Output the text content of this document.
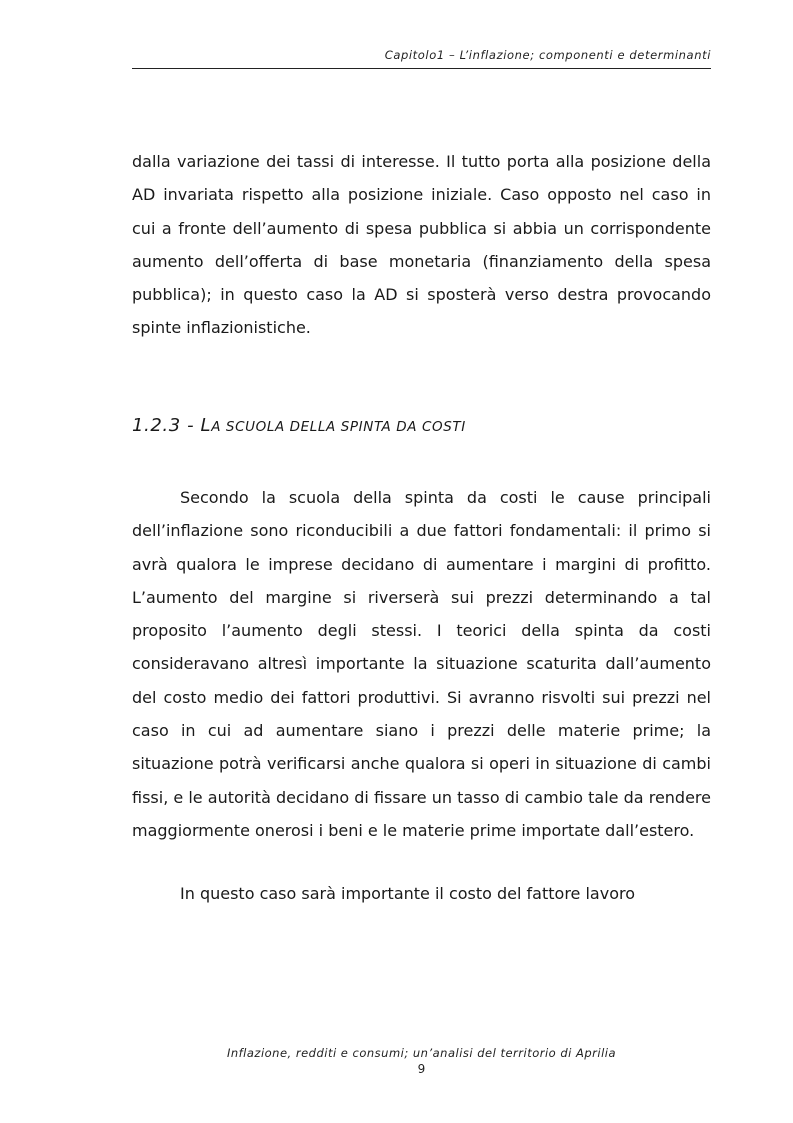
Capitolo1 – L’inflazione; componenti e determinanti

dalla variazione dei tassi di interesse. Il tutto porta alla posizione della AD invariata rispetto alla posizione iniziale. Caso opposto nel caso in cui a fronte dell’aumento di spesa pubblica si abbia un corrispondente aumento dell’offerta di base monetaria (finanziamento della spesa pubblica); in questo caso la AD si sposterà verso destra provocando spinte inflazionistiche.

1.2.3 - LA SCUOLA DELLA SPINTA DA COSTI

Secondo la scuola della spinta da costi le cause principali dell’inflazione sono riconducibili a due fattori fondamentali: il primo si avrà qualora le imprese decidano di aumentare i margini di profitto. L’aumento del margine si riverserà sui prezzi determinando a tal proposito l’aumento degli stessi. I teorici della spinta da costi consideravano altresì importante la situazione scaturita dall’aumento del costo medio dei fattori produttivi. Si avranno risvolti sui prezzi nel caso in cui ad aumentare siano i prezzi delle materie prime; la situazione potrà verificarsi anche qualora si operi in situazione di cambi fissi, e le autorità decidano di fissare un tasso di cambio tale da rendere maggiormente onerosi i beni e le materie prime importate dall’estero.

In questo caso sarà importante il costo del fattore lavoro

Inflazione, redditi e consumi; un’analisi del territorio di Aprilia
9
